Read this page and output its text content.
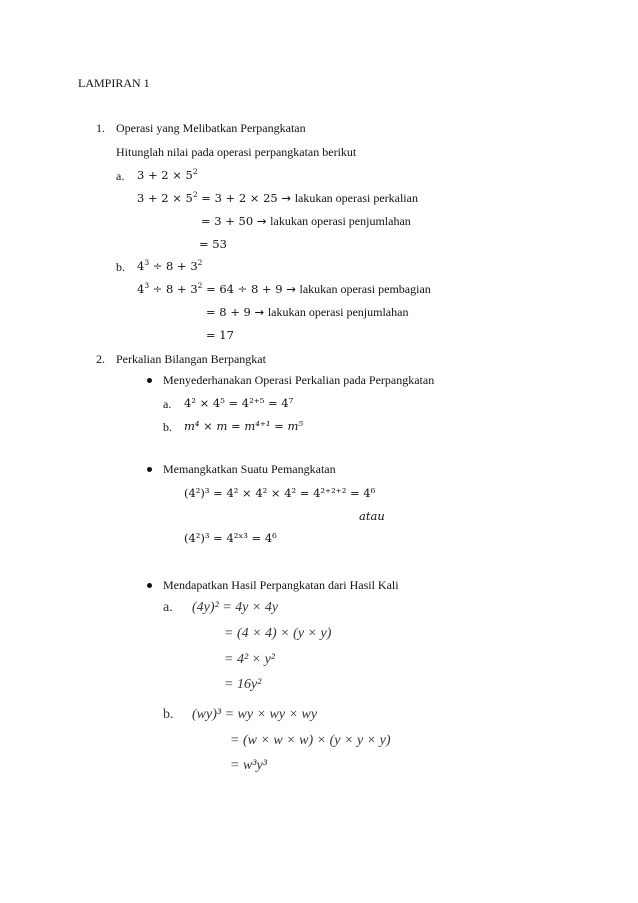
LAMPIRAN 1
1. Operasi yang Melibatkan Perpangkatan
Hitunglah nilai pada operasi perpangkatan berikut
a. $3 + 2 \times 5^2$
$3 + 2 \times 5^2 = 3 + 2 \times 25$ → lakukan operasi perkalian
= 3 + 50 → lakukan operasi penjumlahan
= 53
b. $4^3 \div 8 + 3^2$
$4^3 \div 8 + 3^2 = 64 \div 8 + 9$ → lakukan operasi pembagian
= 8 + 9 → lakukan operasi penjumlahan
= 17
2. Perkalian Bilangan Berpangkat
Menyederhanakan Operasi Perkalian pada Perpangkatan
a. 4² × 4⁵ = 4²⁺⁵ = 4⁷
b. m⁴ × m = m⁴⁺¹ = m⁵
Memangkatkan Suatu Pemangkatan
(4²)³ = 4² × 4² × 4² = 4²⁺²⁺² = 4⁶
atau
(4²)³ = 4²ˣ³ = 4⁶
Mendapatkan Hasil Perpangkatan dari Hasil Kali
a. (4y)² = 4y × 4y
= (4 × 4) × (y × y)
= 4² × y²
= 16y²
b. (wy)³ = wy × wy × wy
= (w × w × w) × (y × y × y)
= w³y³
